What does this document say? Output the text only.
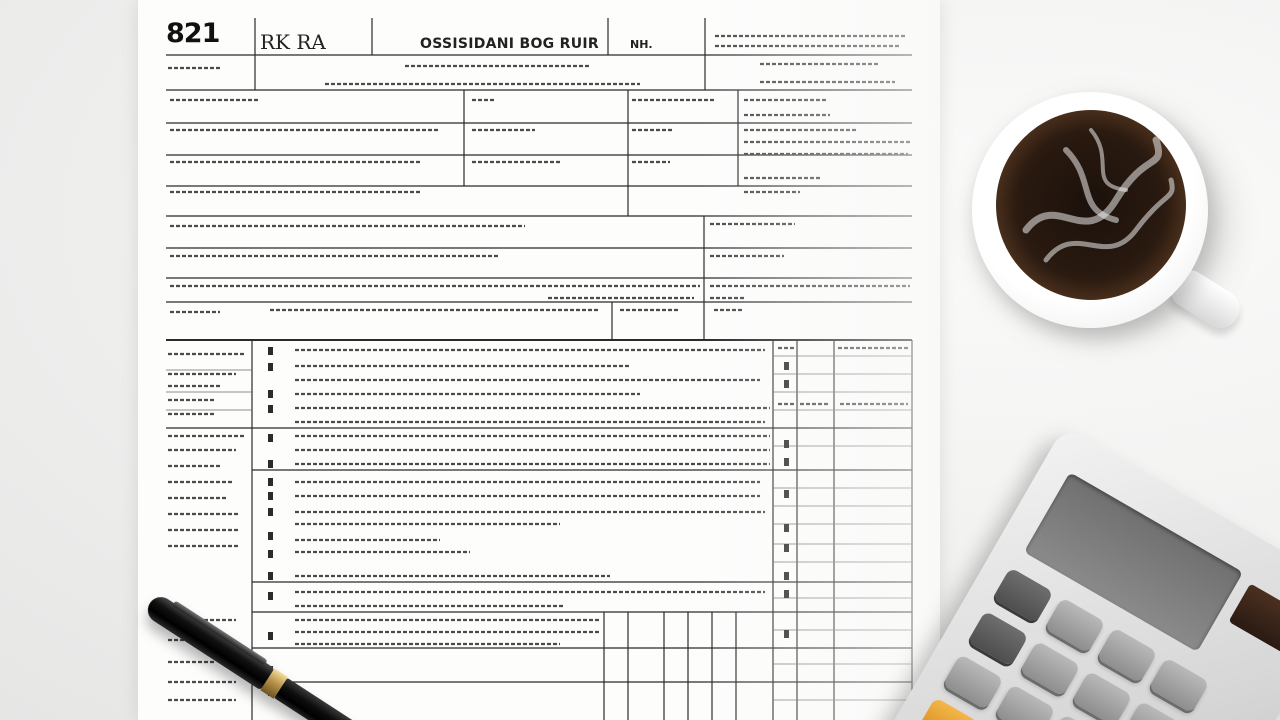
821 RK RA	OSSISIDANI BOG RUIR	NH.
